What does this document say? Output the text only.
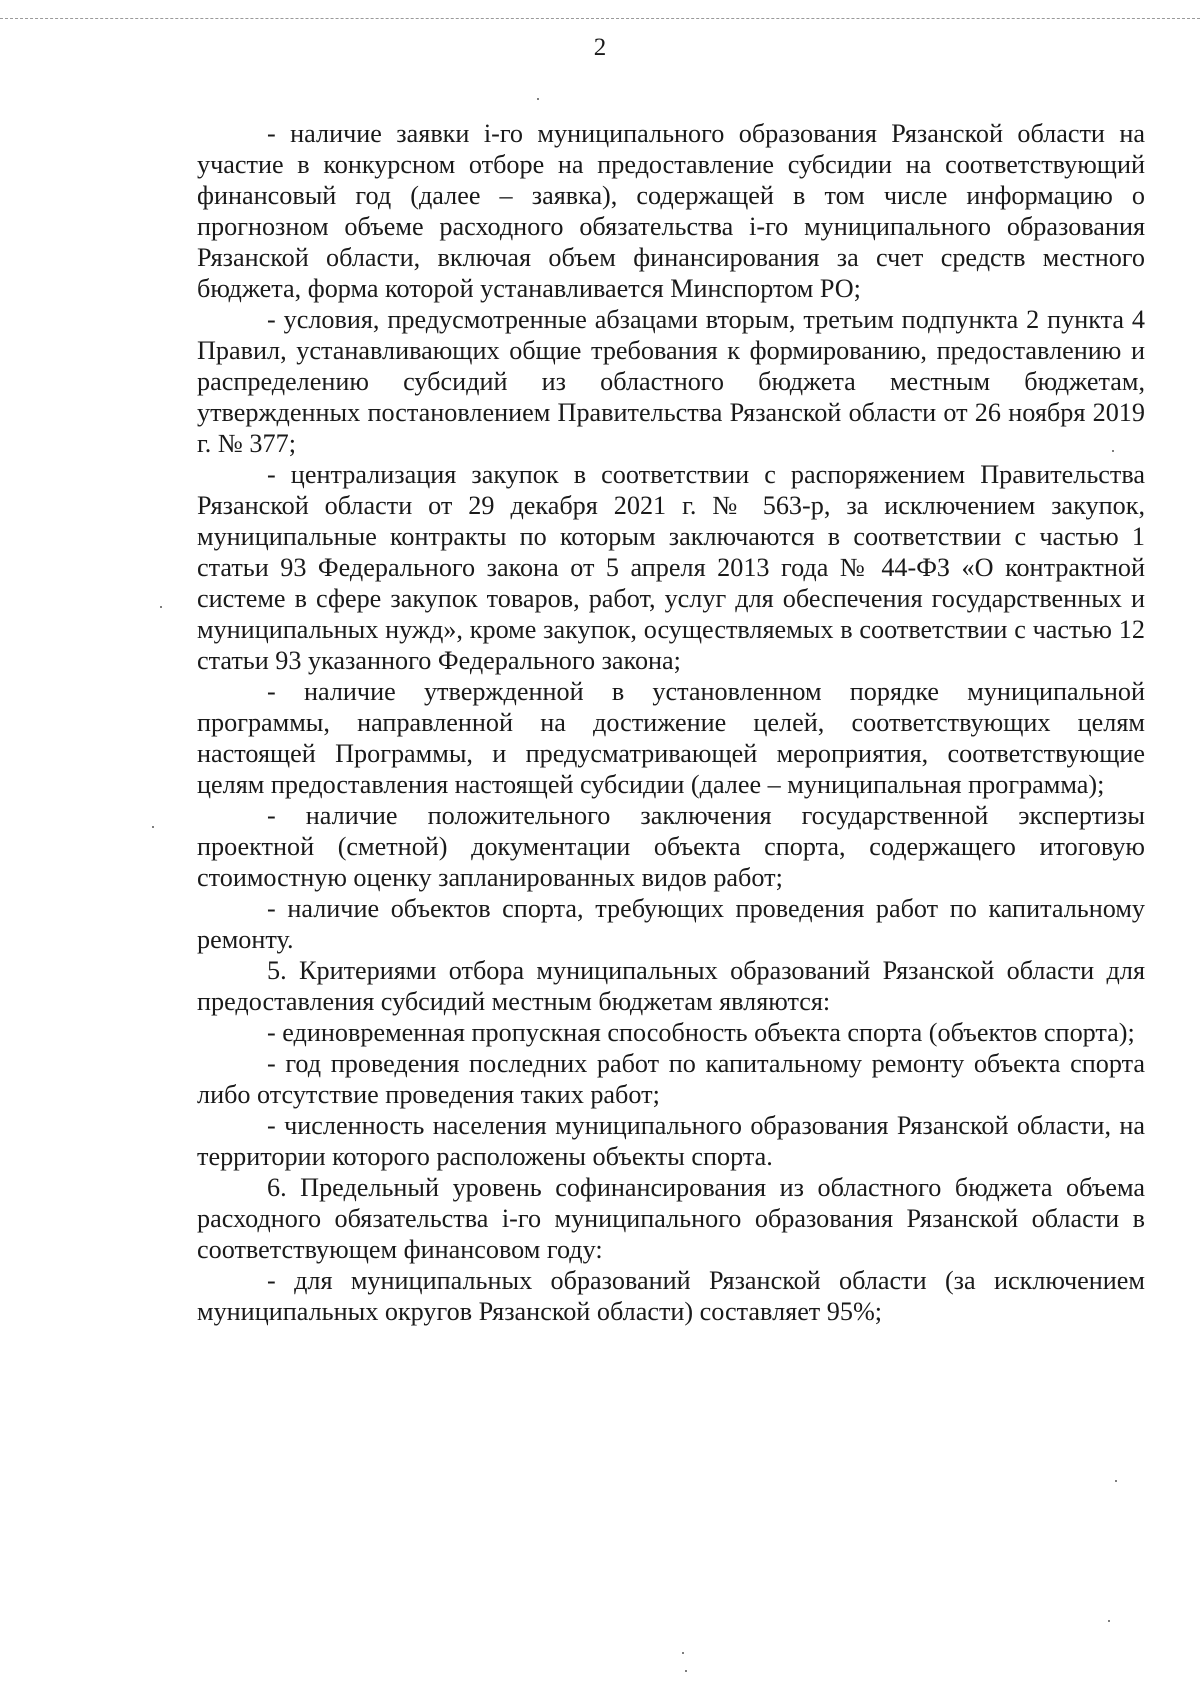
2

- наличие заявки i-го муниципального образования Рязанской области на участие в конкурсном отборе на предоставление субсидии на соответствующий финансовый год (далее – заявка), содержащей в том числе информацию о прогнозном объеме расходного обязательства i-го муниципального образования Рязанской области, включая объем финансирования за счет средств местного бюджета, форма которой устанавливается Минспортом РО;

- условия, предусмотренные абзацами вторым, третьим подпункта 2 пункта 4 Правил, устанавливающих общие требования к формированию, предоставлению и распределению субсидий из областного бюджета местным бюджетам, утвержденных постановлением Правительства Рязанской области от 26 ноября 2019 г. № 377;

- централизация закупок в соответствии с распоряжением Правительства Рязанской области от 29 декабря 2021 г. № 563-р, за исключением закупок, муниципальные контракты по которым заключаются в соответствии с частью 1 статьи 93 Федерального закона от 5 апреля 2013 года № 44-ФЗ «О контрактной системе в сфере закупок товаров, работ, услуг для обеспечения государственных и муниципальных нужд», кроме закупок, осуществляемых в соответствии с частью 12 статьи 93 указанного Федерального закона;

- наличие утвержденной в установленном порядке муниципальной программы, направленной на достижение целей, соответствующих целям настоящей Программы, и предусматривающей мероприятия, соответствующие целям предоставления настоящей субсидии (далее – муниципальная программа);

- наличие положительного заключения государственной экспертизы проектной (сметной) документации объекта спорта, содержащего итоговую стоимостную оценку запланированных видов работ;

- наличие объектов спорта, требующих проведения работ по капитальному ремонту.

5. Критериями отбора муниципальных образований Рязанской области для предоставления субсидий местным бюджетам являются:

- единовременная пропускная способность объекта спорта (объектов спорта);

- год проведения последних работ по капитальному ремонту объекта спорта либо отсутствие проведения таких работ;

- численность населения муниципального образования Рязанской области, на территории которого расположены объекты спорта.

6. Предельный уровень софинансирования из областного бюджета объема расходного обязательства i-го муниципального образования Рязанской области в соответствующем финансовом году:

- для муниципальных образований Рязанской области (за исключением муниципальных округов Рязанской области) составляет 95%;
